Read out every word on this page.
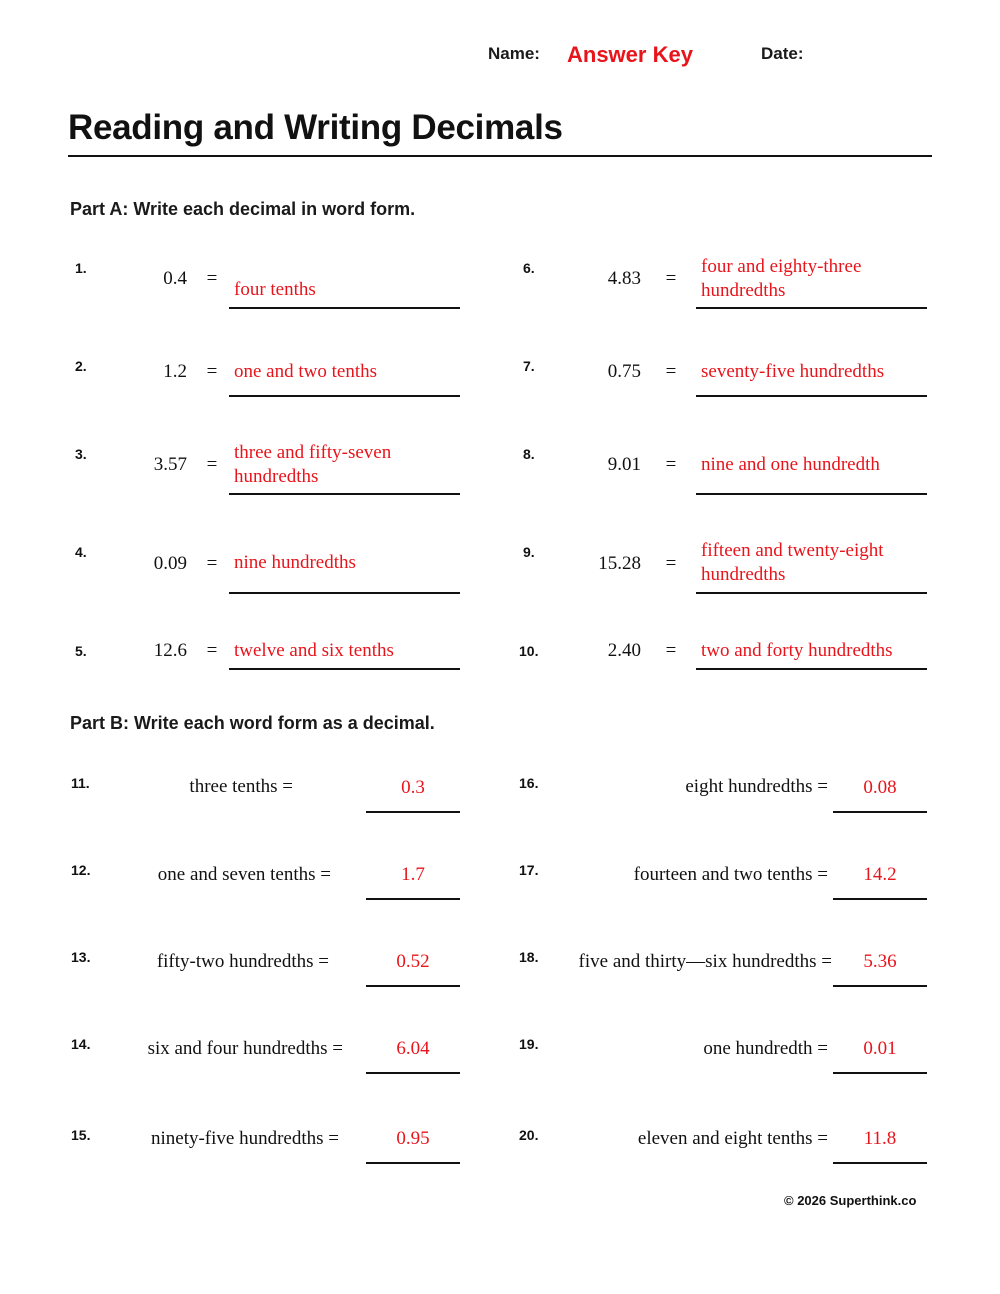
Name: Answer Key	Date:
Reading and Writing Decimals
Part A: Write each decimal in word form.
1.	0.4 =
four tenths
2.	1.2 = one and two tenths
3.	3.57 =
three and fifty-seven
hundredths
4.
0.09 = nine hundredths
5.	12.6 = twelve and six tenths
6.	4.83 =
four and eighty-three
hundredths
7.	0.75 = seventy-five hundredths
8.	9.01 = nine and one hundredth
9.
15.28 =
fifteen and twenty-eight
hundredths
10.	2.40 = two and forty hundredths
Part B: Write each word form as a decimal.
11.	three tenths =	0.3
12.	one and seven tenths =	1.7
13.	fifty-two hundredths =	0.52
14.	six and four hundredths =	6.04
15.	ninety-five hundredths =	0.95
16.	eight hundredths =	0.08
17.	fourteen and two tenths =	14.2
18.	five and thirty—six hundredths =	5.36
19.	one hundredth =	0.01
20.	eleven and eight tenths =	11.8
© 2026 Superthink.co
